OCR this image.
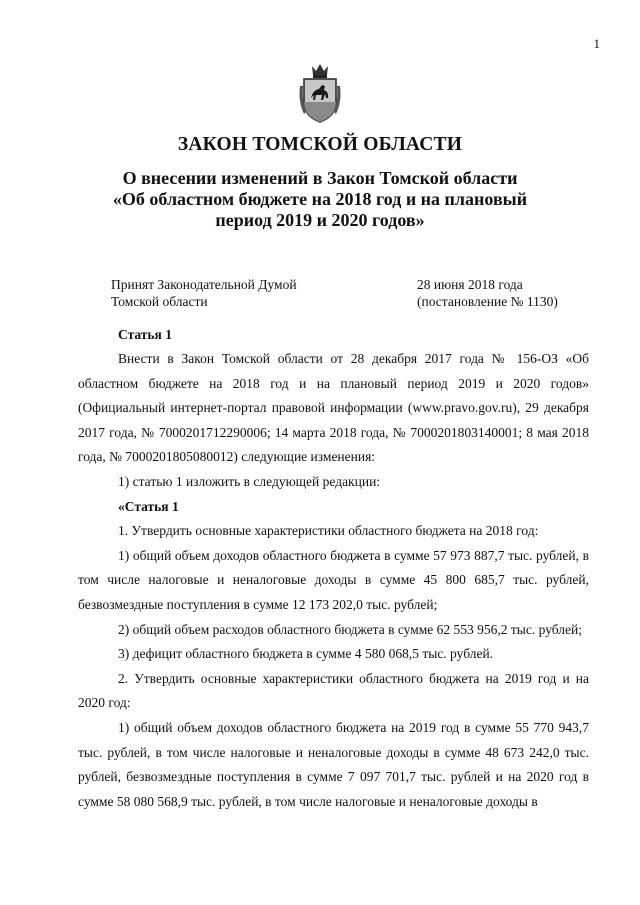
1
ЗАКОН ТОМСКОЙ ОБЛАСТИ
О внесении изменений в Закон Томской области
«Об областном бюджете на 2018 год и на плановый
период 2019 и 2020 годов»
Принят Законодательной Думой
Томской области
28 июня 2018 года
(постановление № 1130)
Статья 1

Внести в Закон Томской области от 28 декабря 2017 года № 156-ОЗ «Об областном бюджете на 2018 год и на плановый период 2019 и 2020 годов» (Официальный интернет-портал правовой информации (www.pravo.gov.ru), 29 декабря 2017 года, № 7000201712290006; 14 марта 2018 года, № 7000201803140001; 8 мая 2018 года, № 7000201805080012) следующие изменения:

1) статью 1 изложить в следующей редакции:

«Статья 1

1. Утвердить основные характеристики областного бюджета на 2018 год:

1) общий объем доходов областного бюджета в сумме 57 973 887,7 тыс. рублей, в том числе налоговые и неналоговые доходы в сумме 45 800 685,7 тыс. рублей, безвозмездные поступления в сумме 12 173 202,0 тыс. рублей;

2) общий объем расходов областного бюджета в сумме 62 553 956,2 тыс. рублей;

3) дефицит областного бюджета в сумме 4 580 068,5 тыс. рублей.

2. Утвердить основные характеристики областного бюджета на 2019 год и на 2020 год:

1) общий объем доходов областного бюджета на 2019 год в сумме 55 770 943,7 тыс. рублей, в том числе налоговые и неналоговые доходы в сумме 48 673 242,0 тыс. рублей, безвозмездные поступления в сумме 7 097 701,7 тыс. рублей и на 2020 год в сумме 58 080 568,9 тыс. рублей, в том числе налоговые и неналоговые доходы в
